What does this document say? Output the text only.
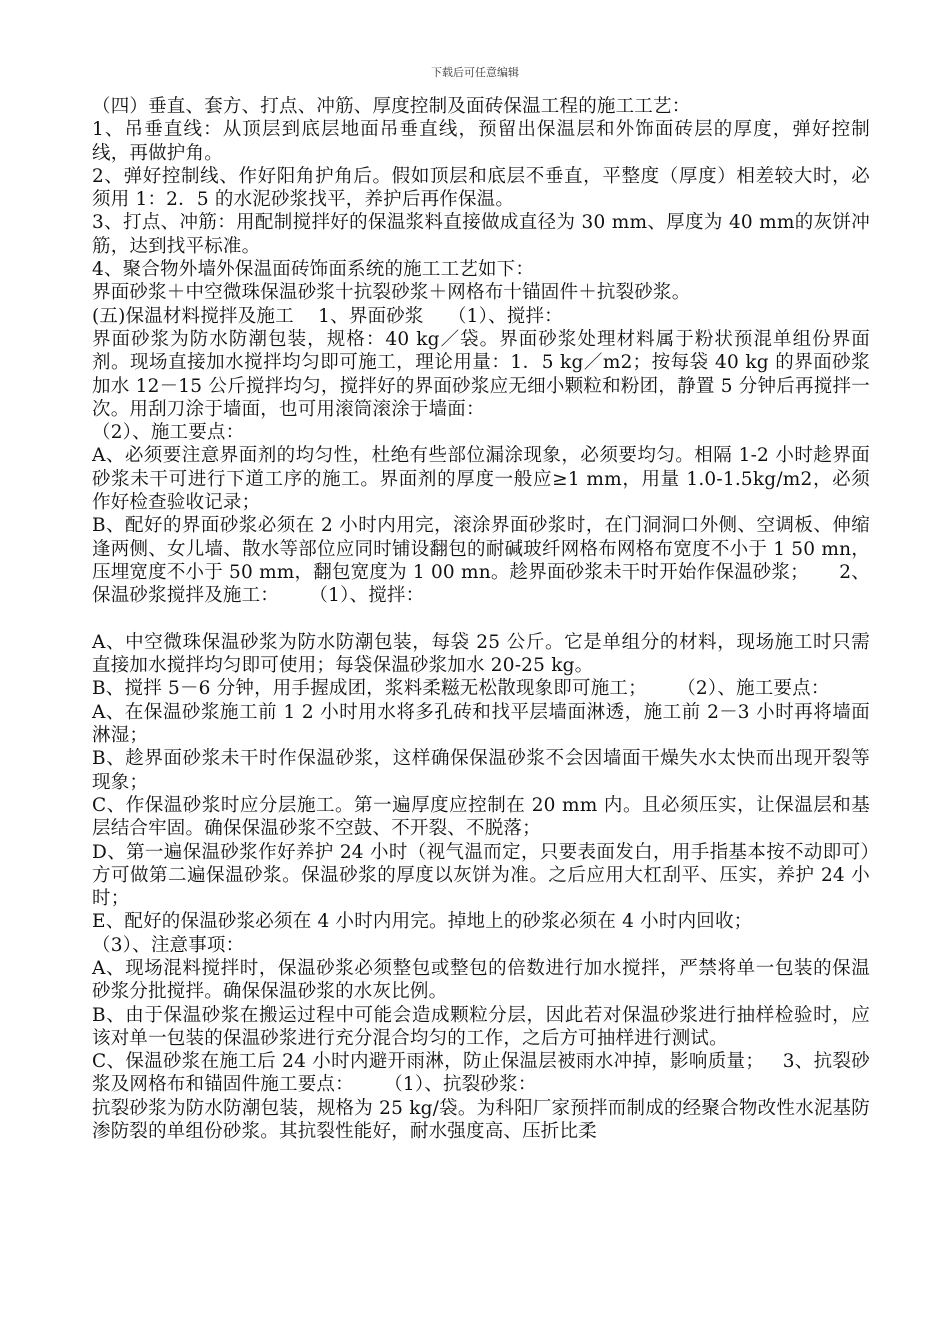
下载后可任意编辑

（四）垂直、套方、打点、冲筋、厚度控制及面砖保温工程的施工工艺：

1、吊垂直线：从顶层到底层地面吊垂直线，预留出保温层和外饰面砖层的厚度，弹好控制线，再做护角。

2、弹好控制线、作好阳角护角后。假如顶层和底层不垂直，平整度（厚度）相差较大时，必须用 1：2．5 的水泥砂浆找平，养护后再作保温。

3、打点、冲筋：用配制搅拌好的保温浆料直接做成直径为 30 mm、厚度为 40 mm的灰饼冲筋，达到找平标准。

4、聚合物外墙外保温面砖饰面系统的施工工艺如下：

界面砂浆＋中空微珠保温砂浆十抗裂砂浆＋网格布十锚固件＋抗裂砂浆。

(五)保温材料搅拌及施工    1、界面砂浆    （1）、搅拌：

界面砂浆为防水防潮包装，规格：40 kg／袋。界面砂浆处理材料属于粉状预混单组份界面剂。现场直接加水搅拌均匀即可施工，理论用量：1．5 kg／m2；按每袋 40 kg 的界面砂浆加水 12－15 公斤搅拌均匀，搅拌好的界面砂浆应无细小颗粒和粉团，静置 5 分钟后再搅拌一次。用刮刀涂于墙面，也可用滚筒滚涂于墙面：

（2）、施工要点：

A、必须要注意界面剂的均匀性，杜绝有些部位漏涂现象，必须要均匀。相隔 1-2 小时趁界面砂浆未干可进行下道工序的施工。界面剂的厚度一般应≥1 mm，用量 1.0-1.5kg/m2，必须作好检查验收记录；

B、配好的界面砂浆必须在 2 小时内用完，滚涂界面砂浆时，在门洞洞口外侧、空调板、伸缩逢两侧、女儿墙、散水等部位应同时铺设翻包的耐碱玻纤网格布网格布宽度不小于 1 50 mn，压埋宽度不小于 50 mm，翻包宽度为 1 00 mn。趁界面砂浆未干时开始作保温砂浆；     2、保温砂浆搅拌及施工：     （1）、搅拌：

A、中空微珠保温砂浆为防水防潮包装，每袋 25 公斤。它是单组分的材料，现场施工时只需直接加水搅拌均匀即可使用；每袋保温砂浆加水 20-25 kg。

B、搅拌 5－6 分钟，用手握成团，浆料柔糍无松散现象即可施工；     （2）、施工要点：

A、在保温砂浆施工前 1 2 小时用水将多孔砖和找平层墙面淋透，施工前 2－3 小时再将墙面淋湿；

B、趁界面砂浆未干时作保温砂浆，这样确保保温砂浆不会因墙面干燥失水太快而出现开裂等现象；

C、作保温砂浆时应分层施工。第一遍厚度应控制在 20 mm 内。且必须压实，让保温层和基层结合牢固。确保保温砂浆不空鼓、不开裂、不脱落；

D、第一遍保温砂浆作好养护 24 小时（视气温而定，只要表面发白，用手指基本按不动即可）方可做第二遍保温砂浆。保温砂浆的厚度以灰饼为准。之后应用大杠刮平、压实，养护 24 小时；

E、配好的保温砂浆必须在 4 小时内用完。掉地上的砂浆必须在 4 小时内回收；

（3）、注意事项：

A、现场混料搅拌时，保温砂浆必须整包或整包的倍数进行加水搅拌，严禁将单一包装的保温砂浆分批搅拌。确保保温砂浆的水灰比例。

B、由于保温砂浆在搬运过程中可能会造成颗粒分层，因此若对保温砂浆进行抽样检验时，应该对单一包装的保温砂浆进行充分混合均匀的工作，之后方可抽样进行测试。

C、保温砂浆在施工后 24 小时内避开雨淋，防止保温层被雨水冲掉，影响质量；   3、抗裂砂浆及网格布和锚固件施工要点：     （1）、抗裂砂浆：

抗裂砂浆为防水防潮包装，规格为 25 kg/袋。为科阳厂家预拌而制成的经聚合物改性水泥基防渗防裂的单组份砂浆。其抗裂性能好，耐水强度高、压折比柔
